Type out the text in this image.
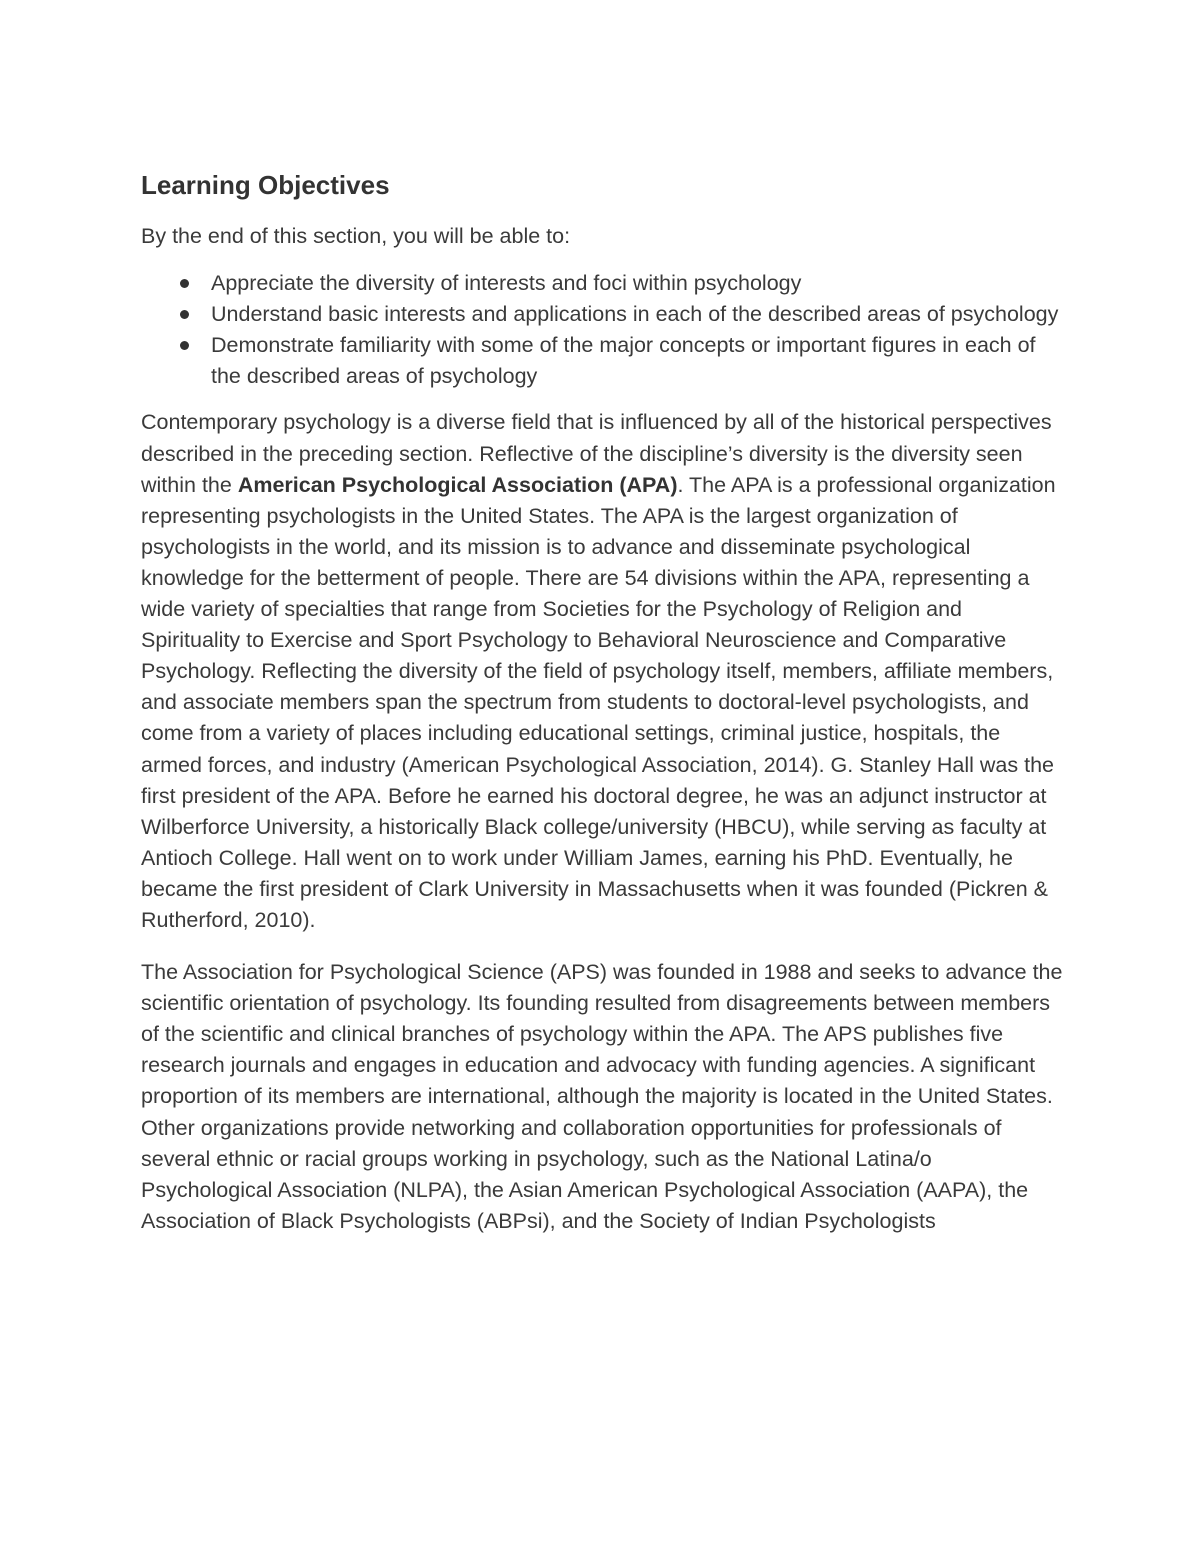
Learning Objectives

By the end of this section, you will be able to:

Appreciate the diversity of interests and foci within psychology
Understand basic interests and applications in each of the described areas of psychology
Demonstrate familiarity with some of the major concepts or important figures in each of the described areas of psychology

Contemporary psychology is a diverse field that is influenced by all of the historical perspectives described in the preceding section. Reflective of the discipline’s diversity is the diversity seen within the American Psychological Association (APA). The APA is a professional organization representing psychologists in the United States. The APA is the largest organization of psychologists in the world, and its mission is to advance and disseminate psychological knowledge for the betterment of people. There are 54 divisions within the APA, representing a wide variety of specialties that range from Societies for the Psychology of Religion and Spirituality to Exercise and Sport Psychology to Behavioral Neuroscience and Comparative Psychology. Reflecting the diversity of the field of psychology itself, members, affiliate members, and associate members span the spectrum from students to doctoral-level psychologists, and come from a variety of places including educational settings, criminal justice, hospitals, the armed forces, and industry (American Psychological Association, 2014). G. Stanley Hall was the first president of the APA. Before he earned his doctoral degree, he was an adjunct instructor at Wilberforce University, a historically Black college/university (HBCU), while serving as faculty at Antioch College. Hall went on to work under William James, earning his PhD. Eventually, he became the first president of Clark University in Massachusetts when it was founded (Pickren & Rutherford, 2010).

The Association for Psychological Science (APS) was founded in 1988 and seeks to advance the scientific orientation of psychology. Its founding resulted from disagreements between members of the scientific and clinical branches of psychology within the APA. The APS publishes five research journals and engages in education and advocacy with funding agencies. A significant proportion of its members are international, although the majority is located in the United States. Other organizations provide networking and collaboration opportunities for professionals of several ethnic or racial groups working in psychology, such as the National Latina/o Psychological Association (NLPA), the Asian American Psychological Association (AAPA), the Association of Black Psychologists (ABPsi), and the Society of Indian Psychologists
